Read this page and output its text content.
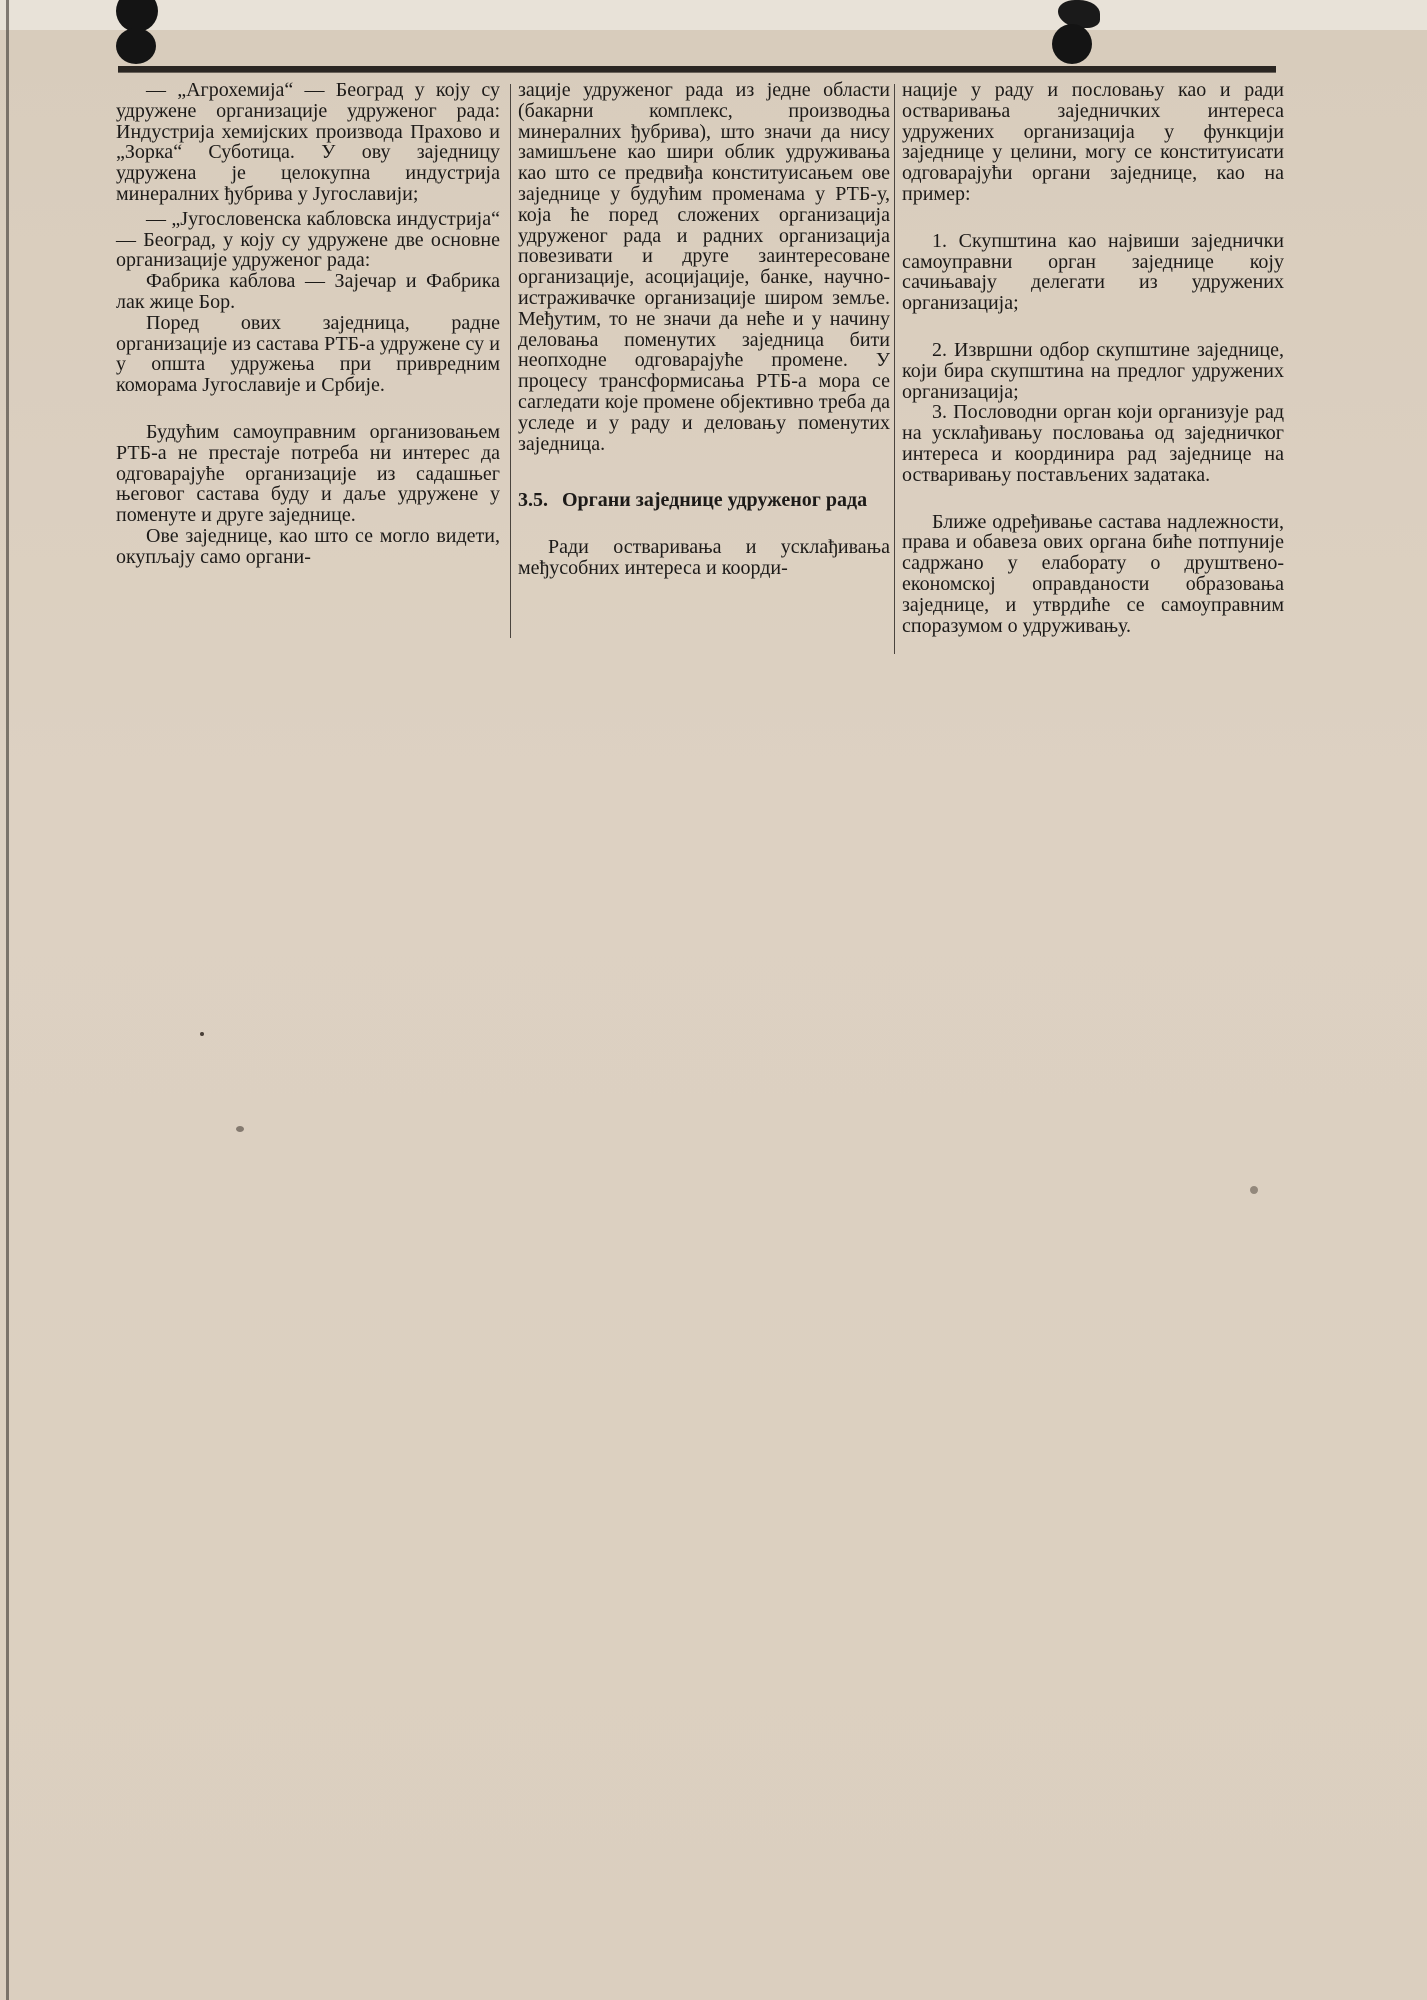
— „Агрохемија“ — Београд у коју су удружене организације удруженог рада: Индустрија хемијских производа Прахово и „Зорка“ Суботица. У ову заједницу удружена је целокупна индустрија минералних ђубрива у Југославији;

— „Југословенска кабловска индустрија“ — Београд, у коју су удружене две основне организације удруженог рада:

Фабрика каблова — Зајечар и Фабрика лак жице Бор.

Поред ових заједница, радне организације из састава РТБ-а удружене су и у општа удружења при привредним коморама Југославије и Србије.

Будућим самоуправним организовањем РТБ-а не престаје потреба ни интерес да одговарајуће организације из садашњег његовог састава буду и даље удружене у поменуте и друге заједнице.

Ове заједнице, као што се могло видети, окупљају само органи-

зације удруженог рада из једне области (бакарни комплекс, производња минералних ђубрива), што значи да нису замишљене као шири облик удруживања као што се предвиђа конституисањем ове заједнице у будућим променама у РТБ-у, која ће поред сложених организација удруженог рада и радних организација повезивати и друге заинтересоване организације, асоцијације, банке, научно-истраживачке организације широм земље. Међутим, то не значи да неће и у начину деловања поменутих заједница бити неопходне одговарајуће промене. У процесу трансформисања РТБ-а мора се сагледати које промене објективно треба да уследе и у раду и деловању поменутих заједница.

3.5. Органи заједнице удруженог рада

Ради остваривања и усклађивања међусобних интереса и коорди-

нације у раду и пословању као и ради остваривања заједничких интереса удружених организација у функцији заједнице у целини, могу се конституисати одговарајући органи заједнице, као на пример:

1. Скупштина као највиши заједнички самоуправни орган заједнице коју сачињавају делегати из удружених организација;

2. Извршни одбор скупштине заједнице, који бира скупштина на предлог удружених организација;

3. Пословодни орган који организује рад на усклађивању пословања од заједничког интереса и координира рад заједнице на остваривању постављених задатака.

Ближе одређивање састава надлежности, права и обавеза ових органа биће потпуније садржано у елаборату о друштвено-економској оправданости образовања заједнице, и утврдиће се самоуправним споразумом о удруживању.
